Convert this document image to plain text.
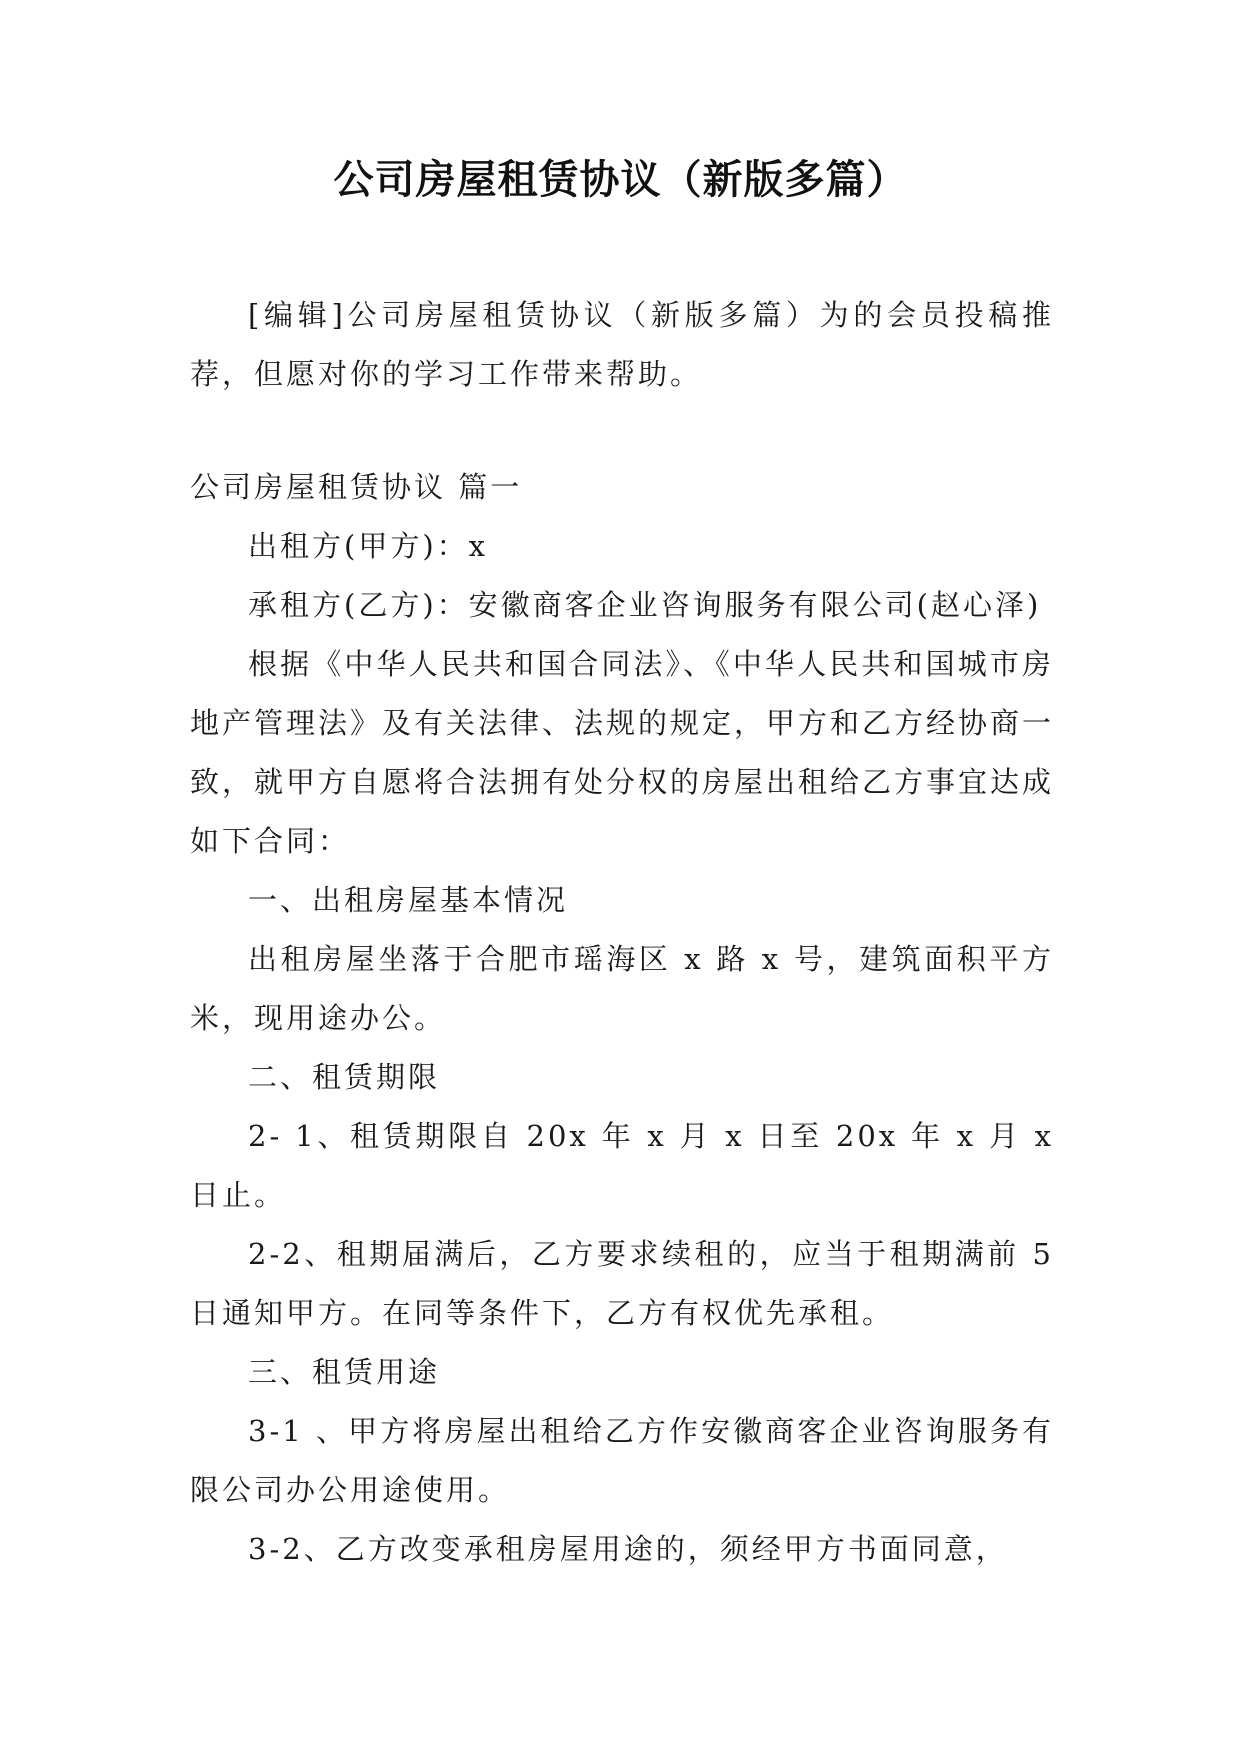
公司房屋租赁协议（新版多篇）

[编辑]公司房屋租赁协议（新版多篇）为的会员投稿推荐，但愿对你的学习工作带来帮助。

公司房屋租赁协议 篇一

出租方(甲方)：x

承租方(乙方)：安徽商客企业咨询服务有限公司(赵心泽)

根据《中华人民共和国合同法》、《中华人民共和国城市房地产管理法》及有关法律、法规的规定，甲方和乙方经协商一致，就甲方自愿将合法拥有处分权的房屋出租给乙方事宜达成如下合同：

一、出租房屋基本情况

出租房屋坐落于合肥市瑶海区 x 路 x 号，建筑面积平方米，现用途办公。

二、租赁期限

2- 1、租赁期限自 20x 年 x 月 x 日至 20x 年 x 月 x 日止。

2-2、租期届满后，乙方要求续租的，应当于租期满前 5 日通知甲方。在同等条件下，乙方有权优先承租。

三、租赁用途

3-1 、甲方将房屋出租给乙方作安徽商客企业咨询服务有限公司办公用途使用。

3-2、乙方改变承租房屋用途的，须经甲方书面同意，
